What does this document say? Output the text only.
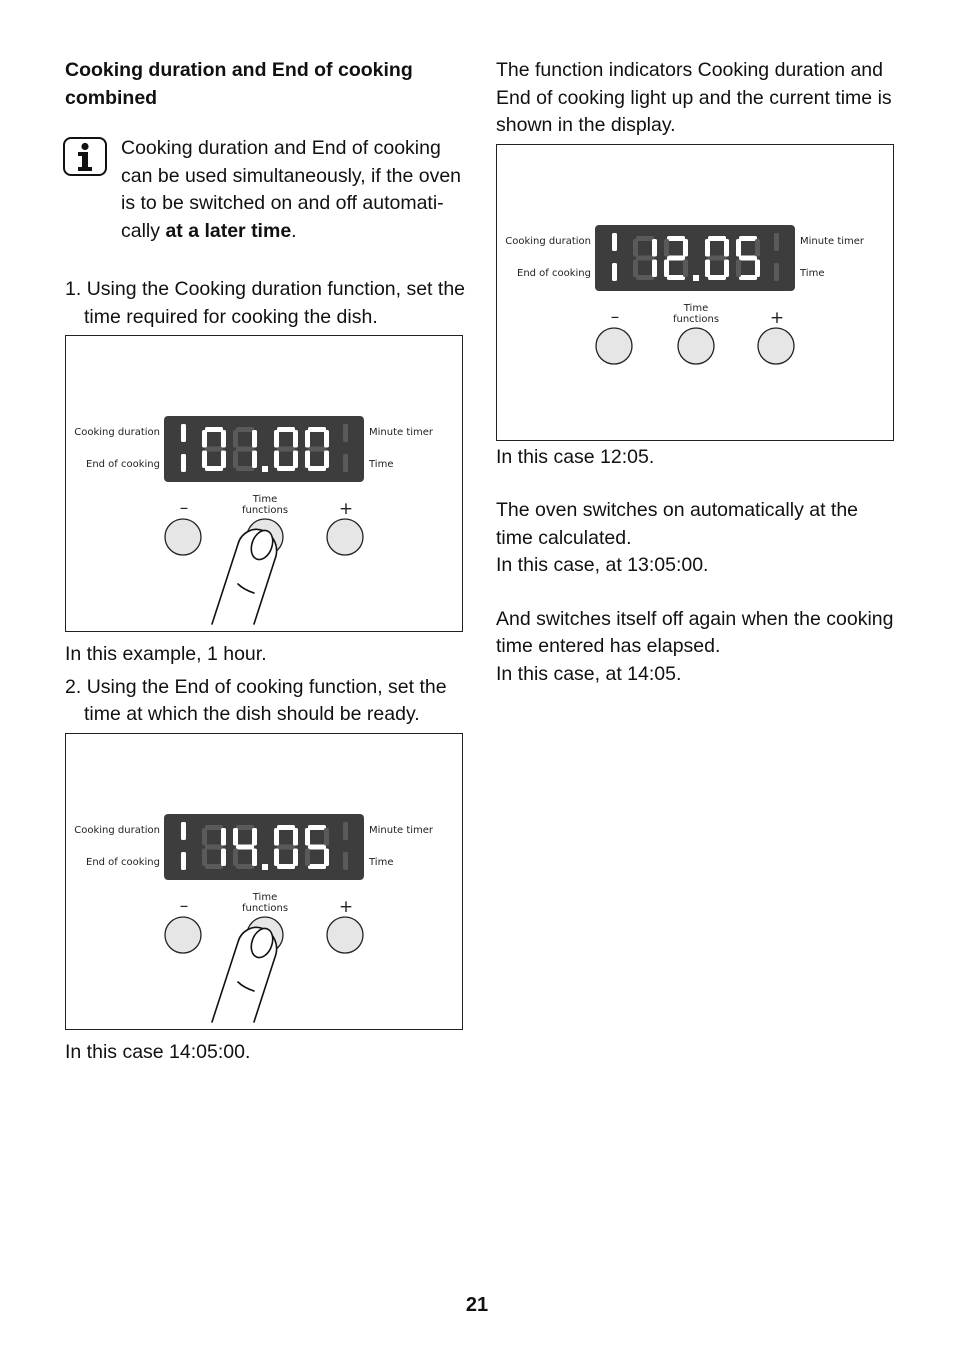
Cooking duration and End of cooking combined

Cooking duration and End of cooking can be used simultaneously, if the oven is to be switched on and off automati-cally at a later time.

1. Using the Cooking duration function, set the time required for cooking the dish.

Cooking duration
End of cooking
Minute timer
Time
–	+
Time
functions

In this example, 1 hour.

2. Using the End of cooking function, set the time at which the dish should be ready.

Cooking duration
End of cooking
Minute timer
Time
–	+
Time
functions

In this case 14:05:00.

The function indicators Cooking duration and End of cooking light up and the current time is shown in the display.

Cooking duration
End of cooking
Minute timer
Time
–	+
Time
functions

In this case 12:05.

The oven switches on automatically at the time calculated.

In this case, at 13:05:00.

And switches itself off again when the cooking time entered has elapsed.

In this case, at 14:05.

21
